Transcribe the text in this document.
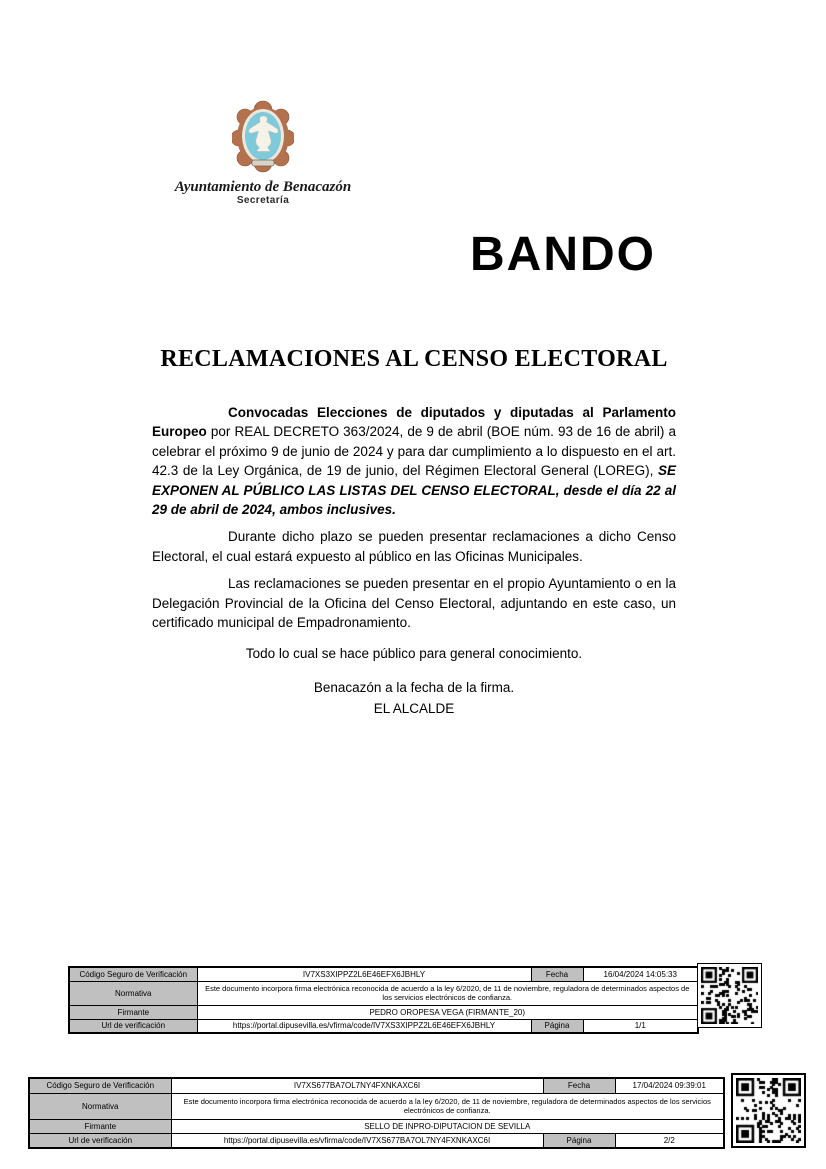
Ayuntamiento de Benacazón
Secretaría
BANDO
RECLAMACIONES AL CENSO ELECTORAL

Convocadas Elecciones de diputados y diputadas al Parlamento Europeo por REAL DECRETO 363/2024, de 9 de abril (BOE núm. 93 de 16 de abril) a celebrar el próximo 9 de junio de 2024 y para dar cumplimiento a lo dispuesto en el art. 42.3 de la Ley Orgánica, de 19 de junio, del Régimen Electoral General (LOREG), SE EXPONEN AL PÚBLICO LAS LISTAS DEL CENSO ELECTORAL, desde el día 22 al 29 de abril de 2024, ambos inclusives.

Durante dicho plazo se pueden presentar reclamaciones a dicho Censo Electoral, el cual estará expuesto al público en las Oficinas Municipales.

Las reclamaciones se pueden presentar en el propio Ayuntamiento o en la Delegación Provincial de la Oficina del Censo Electoral, adjuntando en este caso, un certificado municipal de Empadronamiento.

Todo lo cual se hace público para general conocimiento.

Benacazón a la fecha de la firma.

EL ALCALDE

Código Seguro de Verificación	IV7XS3XIPPZ2L6E46EFX6JBHLY	Fecha	16/04/2024 14:05:33
Normativa	Este documento incorpora firma electrónica reconocida de acuerdo a la ley 6/2020, de 11 de noviembre, reguladora de determinados aspectos de los servicios electrónicos de confianza.		
Firmante	PEDRO OROPESA VEGA (FIRMANTE_20)		
Url de verificación	https://portal.dipusevilla.es/vfirma/code/IV7XS3XIPPZ2L6E46EFX6JBHLY	Página	1/1
Código Seguro de Verificación	IV7XS677BA7OL7NY4FXNKAXC6I	Fecha	17/04/2024 09:39:01
Normativa	Este documento incorpora firma electrónica reconocida de acuerdo a la ley 6/2020, de 11 de noviembre, reguladora de determinados aspectos de los servicios electrónicos de confianza.		
Firmante	SELLO DE INPRO-DIPUTACION DE SEVILLA		
Url de verificación	https://portal.dipusevilla.es/vfirma/code/IV7XS677BA7OL7NY4FXNKAXC6I	Página	2/2
